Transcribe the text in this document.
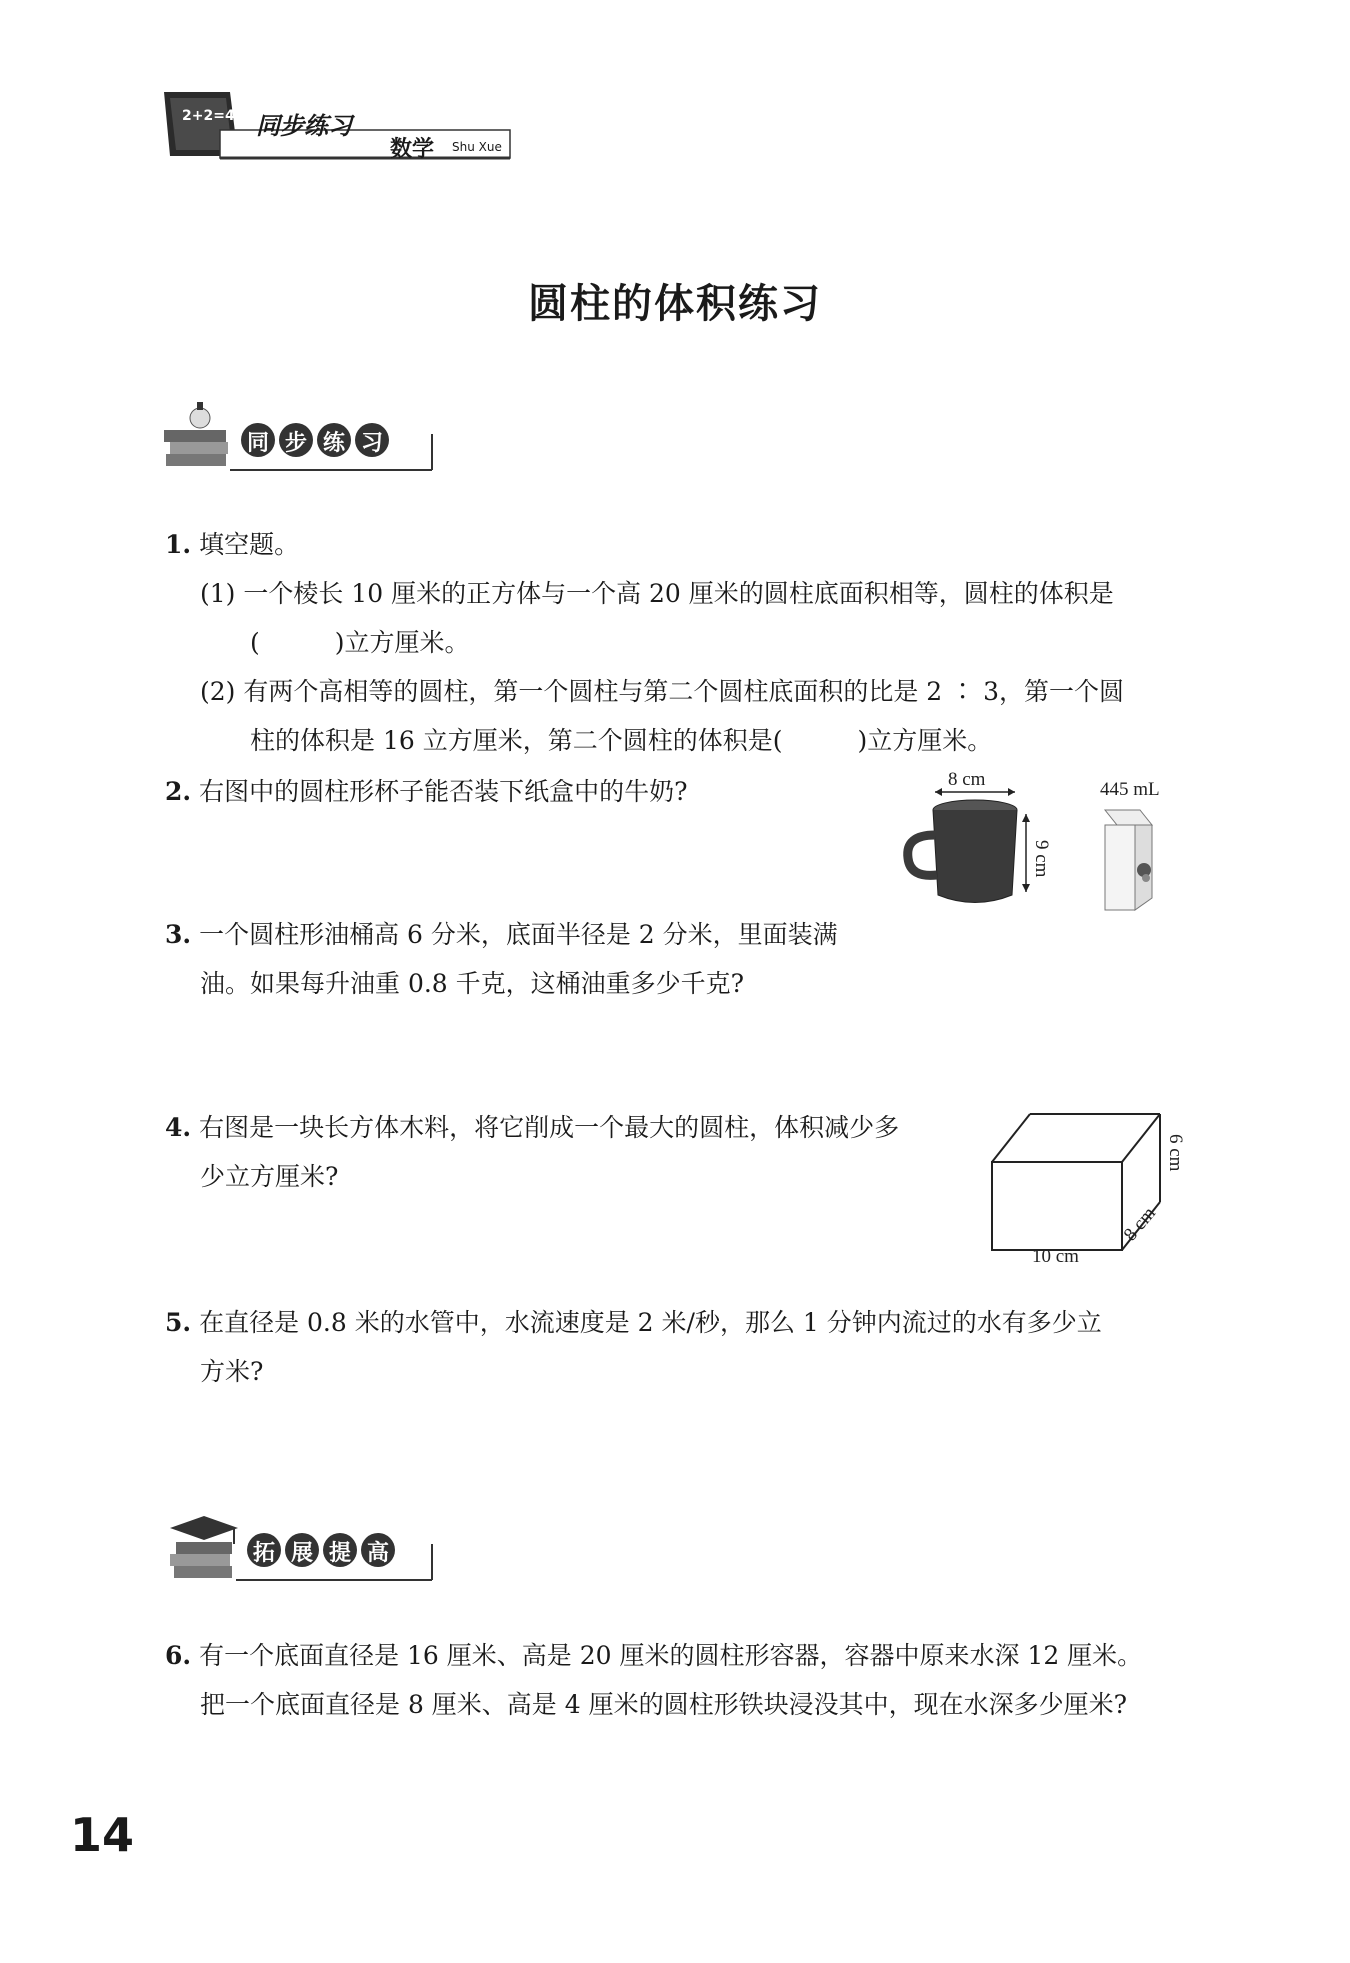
2+2=4 同步练习
数学 Shu Xue
圆柱的体积练习
同 步 练 习
1. 填空题。
(1) 一个棱长 10 厘米的正方体与一个高 20 厘米的圆柱底面积相等，圆柱的体积是
(　　　)立方厘米。
(2) 有两个高相等的圆柱，第一个圆柱与第二个圆柱底面积的比是 2 ∶ 3，第一个圆
柱的体积是 16 立方厘米，第二个圆柱的体积是(　　　)立方厘米。
2. 右图中的圆柱形杯子能否装下纸盒中的牛奶?	8 cm
9 cm
445 mL
3. 一个圆柱形油桶高 6 分米，底面半径是 2 分米，里面装满
油。如果每升油重 0.8 千克，这桶油重多少千克?
4. 右图是一块长方体木料，将它削成一个最大的圆柱，体积减少多
少立方厘米?
10 cm
8 cm
6 cm
5. 在直径是 0.8 米的水管中，水流速度是 2 米/秒，那么 1 分钟内流过的水有多少立
方米?
拓 展 提 高
6. 有一个底面直径是 16 厘米、高是 20 厘米的圆柱形容器，容器中原来水深 12 厘米。
把一个底面直径是 8 厘米、高是 4 厘米的圆柱形铁块浸没其中，现在水深多少厘米?
14
